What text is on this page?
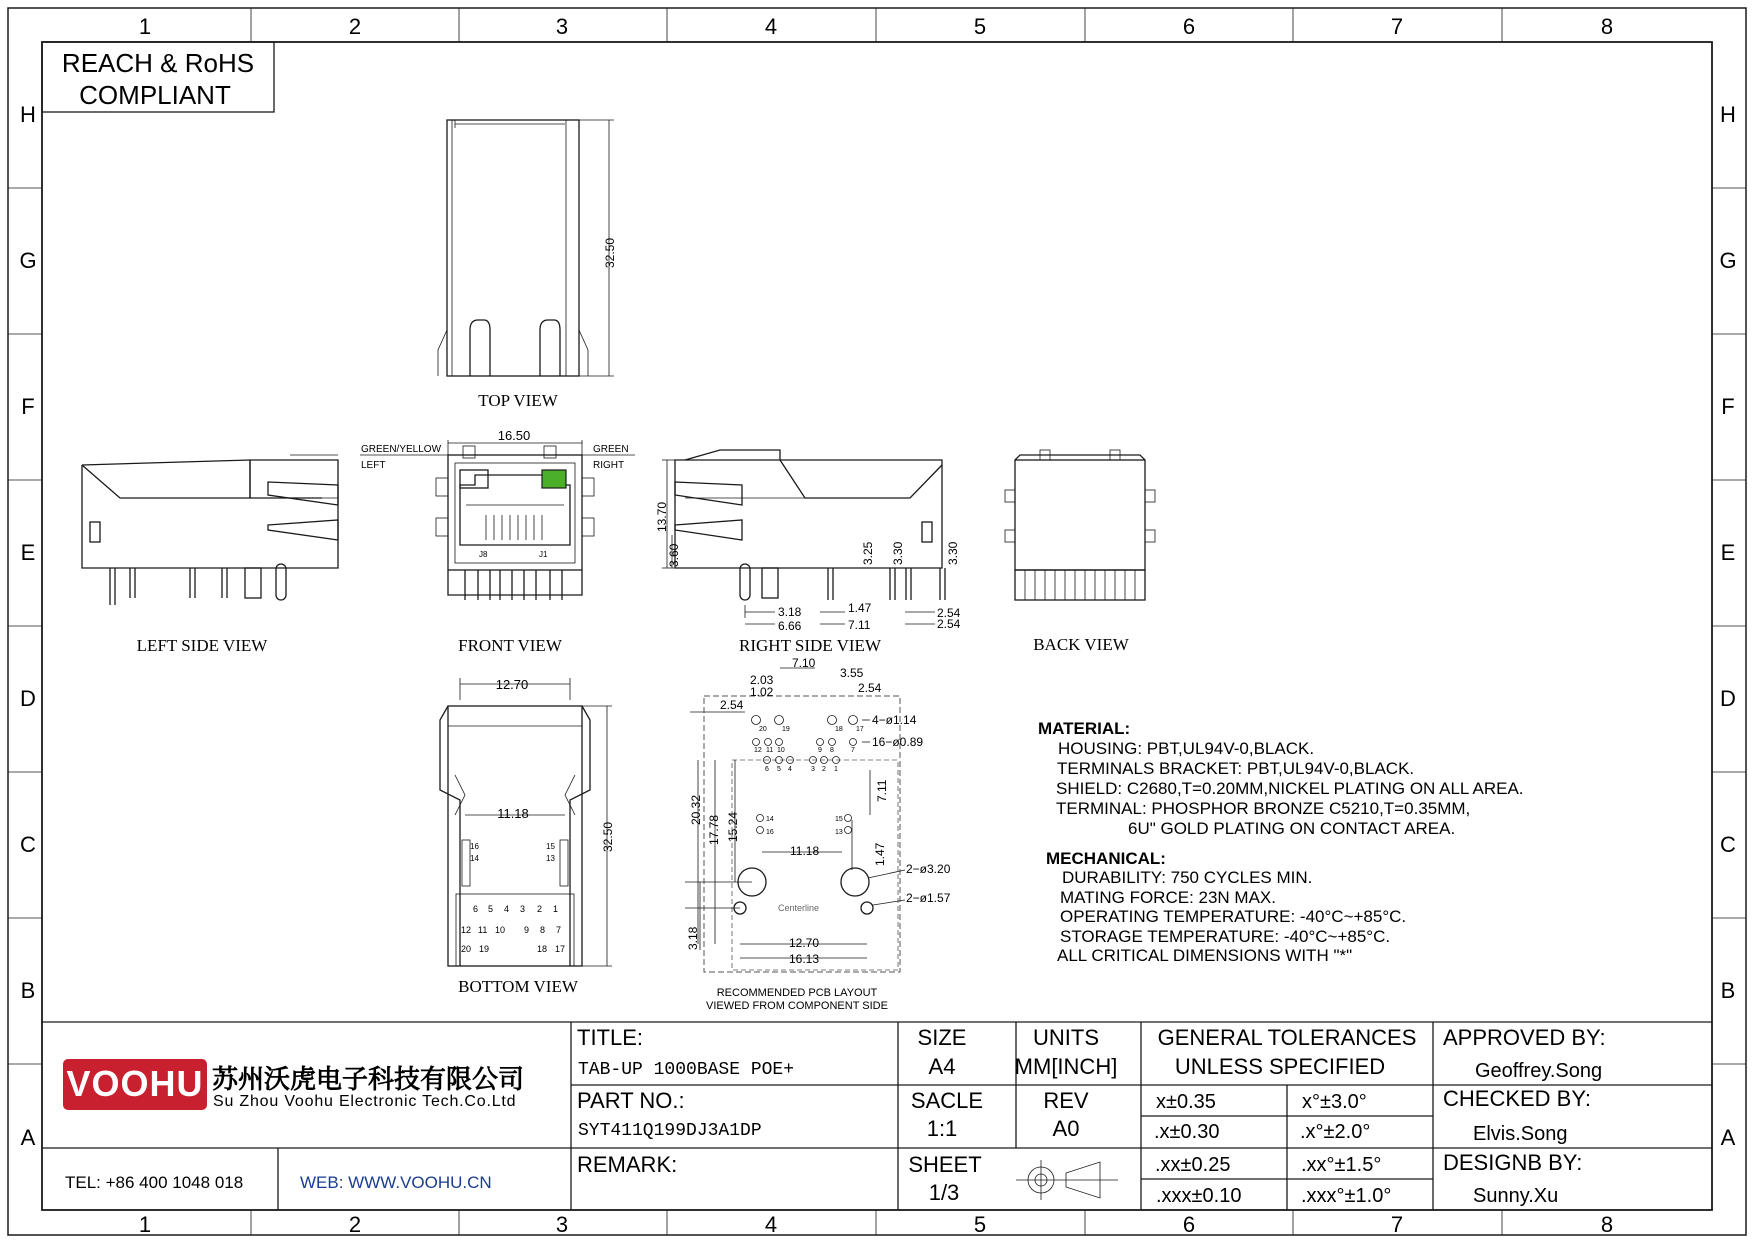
1
1
2
2
3
3
4
4
5
5
6
6
7
7
8
8
H	H
G	G
F	F
E	E
D	D
C	C
B	B
A	A
REACH & RoHS
COMPLIANT
32.50
TOP VIEW
LEFT SIDE VIEW
J8	J1
16.50
GREEN/YELLOW
LEFT
GREEN
RIGHT
FRONT VIEW
13.70
3.60	3.25 3.30	3.30
3.18
6.66
1.47
7.11
2.54
2.54
RIGHT SIDE VIEW	BACK VIEW
6 5 4 3 2 1
12 11 10 9 8 7
20 19	18 17
16
14
15
13
12.70
11.18
32.50
BOTTOM VIEW
20 19	18 17
12 11 10	9 8 7
6 5 4	3 2 1
14
16
15
13
Centerline
7.10
3.55
2.03
1.02	2.54
2.54
4−ø1.14
16−ø0.89
20.32
17.78 15.24
7.11
1.47
11.18
2−ø3.20
2−ø1.57
3.18	12.70
16.13
RECOMMENDED PCB LAYOUT
VIEWED FROM COMPONENT SIDE
MATERIAL:
HOUSING: PBT,UL94V-0,BLACK.
TERMINALS BRACKET: PBT,UL94V-0,BLACK.
SHIELD: C2680,T=0.20MM,NICKEL PLATING ON ALL AREA.
TERMINAL: PHOSPHOR BRONZE C5210,T=0.35MM,
6U" GOLD PLATING ON CONTACT AREA.
MECHANICAL:
DURABILITY: 750 CYCLES MIN.
MATING FORCE: 23N MAX.
OPERATING TEMPERATURE: -40°C~+85°C.
STORAGE TEMPERATURE: -40°C~+85°C.
ALL CRITICAL DIMENSIONS WITH "*"
VOOHU 苏州沃虎电子科技有限公司
Su Zhou Voohu Electronic Tech.Co.Ltd
TEL: +86 400 1048 018	WEB: WWW.VOOHU.CN
TITLE:
TAB-UP 1000BASE POE+
PART NO.:
SYT411Q199DJ3A1DP
REMARK:
SIZE
A4
UNITS
MM[INCH]
SACLE
1:1
REV
A0
SHEET
1/3
GENERAL TOLERANCES
UNLESS SPECIFIED
x±0.35	x°±3.0°
.x±0.30	.x°±2.0°
.xx±0.25	.xx°±1.5°
.xxx±0.10	.xxx°±1.0°
APPROVED BY:
Geoffrey.Song
CHECKED BY:
Elvis.Song
DESIGNB BY:
Sunny.Xu
